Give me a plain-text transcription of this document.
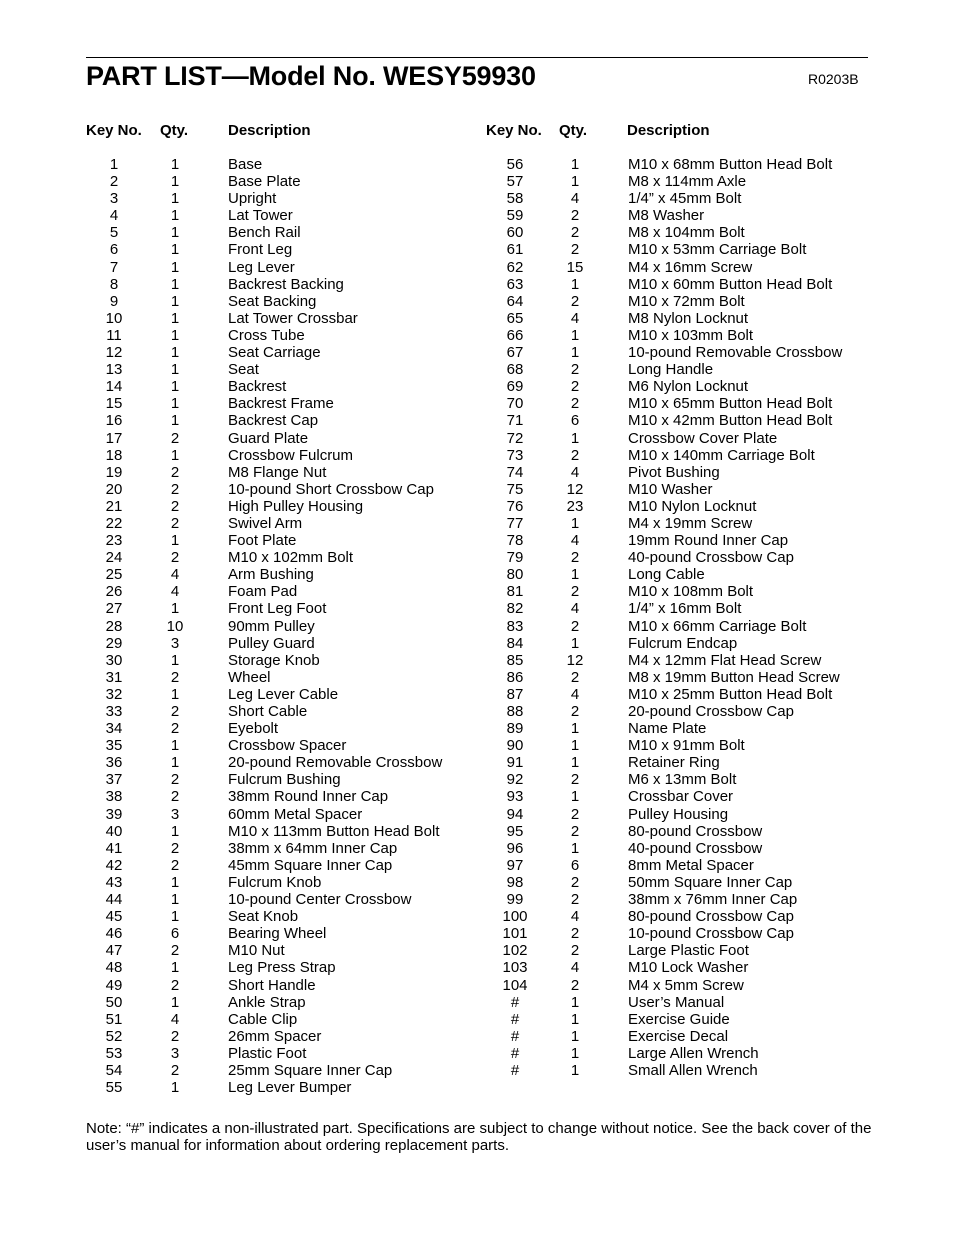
PART LIST—Model No. WESY59930	R0203B
Key No. Qty.	Description	Key No. Qty.	Description
1	1	Base
2	1	Base Plate
3	1	Upright
4	1	Lat Tower
5	1	Bench Rail
6	1	Front Leg
7	1	Leg Lever
8	1	Backrest Backing
9	1	Seat Backing
10	1	Lat Tower Crossbar
11	1	Cross Tube
12	1	Seat Carriage
13	1	Seat
14	1	Backrest
15	1	Backrest Frame
16	1	Backrest Cap
17	2	Guard Plate
18	1	Crossbow Fulcrum
19	2	M8 Flange Nut
20	2	10-pound Short Crossbow Cap
21	2	High Pulley Housing
22	2	Swivel Arm
23	1	Foot Plate
24	2	M10 x 102mm Bolt
25	4	Arm Bushing
26	4	Foam Pad
27	1	Front Leg Foot
28	10	90mm Pulley
29	3	Pulley Guard
30	1	Storage Knob
31	2	Wheel
32	1	Leg Lever Cable
33	2	Short Cable
34	2	Eyebolt
35	1	Crossbow Spacer
36	1	20-pound Removable Crossbow
37	2	Fulcrum Bushing
38	2	38mm Round Inner Cap
39	3	60mm Metal Spacer
40	1	M10 x 113mm Button Head Bolt
41	2	38mm x 64mm Inner Cap
42	2	45mm Square Inner Cap
43	1	Fulcrum Knob
44	1	10-pound Center Crossbow
45	1	Seat Knob
46	6	Bearing Wheel
47	2	M10 Nut
48	1	Leg Press Strap
49	2	Short Handle
50	1	Ankle Strap
51	4	Cable Clip
52	2	26mm Spacer
53	3	Plastic Foot
54	2	25mm Square Inner Cap
55	1	Leg Lever Bumper
56	1	M10 x 68mm Button Head Bolt
57	1	M8 x 114mm Axle
58	4	1/4” x 45mm Bolt
59	2	M8 Washer
60	2	M8 x 104mm Bolt
61	2	M10 x 53mm Carriage Bolt
62	15	M4 x 16mm Screw
63	1	M10 x 60mm Button Head Bolt
64	2	M10 x 72mm Bolt
65	4	M8 Nylon Locknut
66	1	M10 x 103mm Bolt
67	1	10-pound Removable Crossbow
68	2	Long Handle
69	2	M6 Nylon Locknut
70	2	M10 x 65mm Button Head Bolt
71	6	M10 x 42mm Button Head Bolt
72	1	Crossbow Cover Plate
73	2	M10 x 140mm Carriage Bolt
74	4	Pivot Bushing
75	12	M10 Washer
76	23	M10 Nylon Locknut
77	1	M4 x 19mm Screw
78	4	19mm Round Inner Cap
79	2	40-pound Crossbow Cap
80	1	Long Cable
81	2	M10 x 108mm Bolt
82	4	1/4” x 16mm Bolt
83	2	M10 x 66mm Carriage Bolt
84	1	Fulcrum Endcap
85	12	M4 x 12mm Flat Head Screw
86	2	M8 x 19mm Button Head Screw
87	4	M10 x 25mm Button Head Bolt
88	2	20-pound Crossbow Cap
89	1	Name Plate
90	1	M10 x 91mm Bolt
91	1	Retainer Ring
92	2	M6 x 13mm Bolt
93	1	Crossbar Cover
94	2	Pulley Housing
95	2	80-pound Crossbow
96	1	40-pound Crossbow
97	6	8mm Metal Spacer
98	2	50mm Square Inner Cap
99	2	38mm x 76mm Inner Cap
100	4	80-pound Crossbow Cap
101	2	10-pound Crossbow Cap
102	2	Large Plastic Foot
103	4	M10 Lock Washer
104	2	M4 x 5mm Screw
#	1	User’s Manual
#	1	Exercise Guide
#	1	Exercise Decal
#	1	Large Allen Wrench
#	1	Small Allen Wrench

Note: “#” indicates a non-illustrated part. Specifications are subject to change without notice. See the back cover of the user’s manual for information about ordering replacement parts.
